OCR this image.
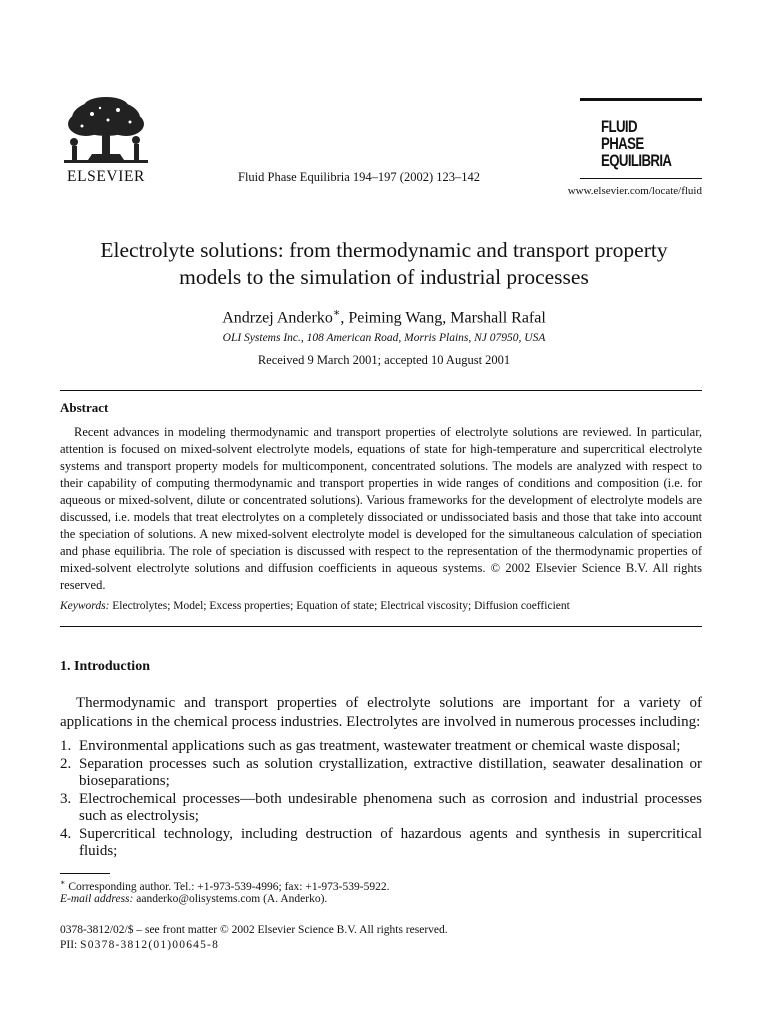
ELSEVIER	Fluid Phase Equilibria 194–197 (2002) 123–142
FLUID PHASE
EQUILIBRIA
www.elsevier.com/locate/fluid
Electrolyte solutions: from thermodynamic and transport property
models to the simulation of industrial processes
Andrzej Anderko∗, Peiming Wang, Marshall Rafal
OLI Systems Inc., 108 American Road, Morris Plains, NJ 07950, USA
Received 9 March 2001; accepted 10 August 2001
Abstract
Recent advances in modeling thermodynamic and transport properties of electrolyte solutions are reviewed. In particular, attention is focused on mixed-solvent electrolyte models, equations of state for high-temperature and supercritical electrolyte systems and transport property models for multicomponent, concentrated solutions. The models are analyzed with respect to their capability of computing thermodynamic and transport properties in wide ranges of conditions and composition (i.e. for aqueous or mixed-solvent, dilute or concentrated solutions). Various frameworks for the development of electrolyte models are discussed, i.e. models that treat electrolytes on a completely dissociated or undissociated basis and those that take into account the speciation of solutions. A new mixed-solvent electrolyte model is developed for the simultaneous calculation of speciation and phase equilibria. The role of speciation is discussed with respect to the representation of the thermodynamic properties of mixed-solvent electrolyte solutions and diffusion coefficients in aqueous systems. © 2002 Elsevier Science B.V. All rights reserved.
Keywords: Electrolytes; Model; Excess properties; Equation of state; Electrical viscosity; Diffusion coefficient
1. Introduction
Thermodynamic and transport properties of electrolyte solutions are important for a variety of applications in the chemical process industries. Electrolytes are involved in numerous processes including:
1. Environmental applications such as gas treatment, wastewater treatment or chemical waste disposal;
2. Separation processes such as solution crystallization, extractive distillation, seawater desalination or bioseparations;
3. Electrochemical processes—both undesirable phenomena such as corrosion and industrial processes such as electrolysis;
4. Supercritical technology, including destruction of hazardous agents and synthesis in supercritical fluids;
∗ Corresponding author. Tel.: +1-973-539-4996; fax: +1-973-539-5922.
E-mail address: aanderko@olisystems.com (A. Anderko).
0378-3812/02/$ – see front matter © 2002 Elsevier Science B.V. All rights reserved.
PII: S0378-3812(01)00645-8
